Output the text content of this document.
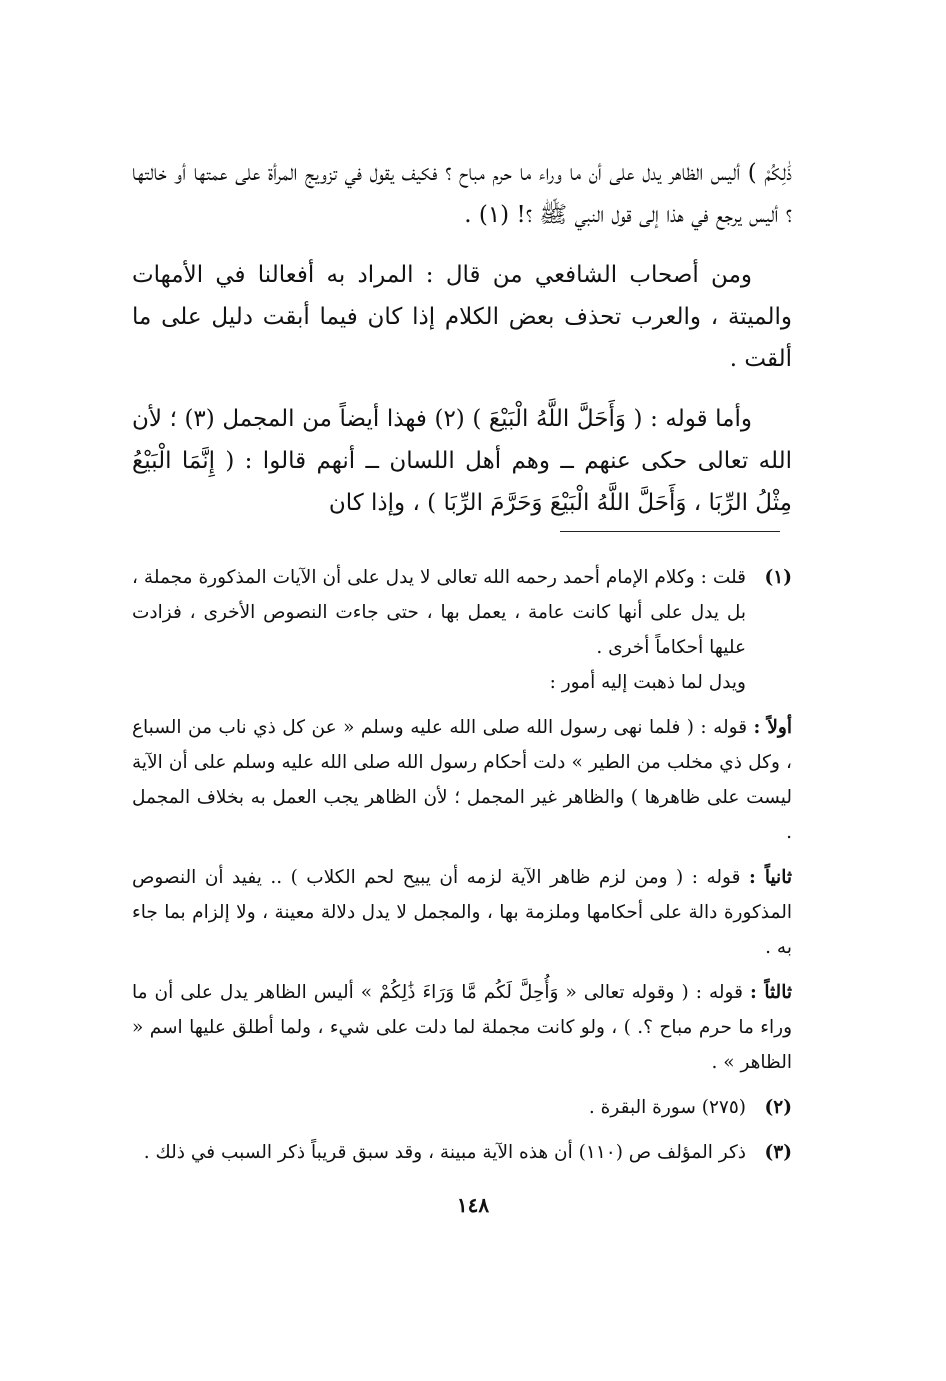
ذَٰلِكُمْ ) أليس الظاهر يدل على أن ما وراء ما حرم مباح ؟ فكيف يقول في تزويج المرأة على عمتها أو خالتها ؟ أليس يرجع في هذا إلى قول النبي ﷺ ؟! (١) .

ومن أصحاب الشافعي من قال : المراد به أفعالنا في الأمهات والميتة ، والعرب تحذف بعض الكلام إذا كان فيما أبقت دليل على ما ألقت .

وأما قوله : ( وَأَحَلَّ اللَّهُ الْبَيْعَ ) (٢) فهذا أيضاً من المجمل (٣) ؛ لأن الله تعالى حكى عنهم ــ وهم أهل اللسان ــ أنهم قالوا : ( إِنَّمَا الْبَيْعُ مِثْلُ الرِّبَا ، وَأَحَلَّ اللَّهُ الْبَيْعَ وَحَرَّمَ الرِّبَا ) ، وإذا كان

(١)

قلت : وكلام الإمام أحمد رحمه الله تعالى لا يدل على أن الآيات المذكورة مجملة ، بل يدل على أنها كانت عامة ، يعمل بها ، حتى جاءت النصوص الأخرى ، فزادت عليها أحكاماً أخرى .

ويدل لما ذهبت إليه أمور :

أولاً : قوله : ( فلما نهى رسول الله صلى الله عليه وسلم « عن كل ذي ناب من السباع ، وكل ذي مخلب من الطير » دلت أحكام رسول الله صلى الله عليه وسلم على أن الآية ليست على ظاهرها ) والظاهر غير المجمل ؛ لأن الظاهر يجب العمل به بخلاف المجمل .
ثانياً : قوله : ( ومن لزم ظاهر الآية لزمه أن يبيح لحم الكلاب ) .. يفيد أن النصوص المذكورة دالة على أحكامها وملزمة بها ، والمجمل لا يدل دلالة معينة ، ولا إلزام بما جاء به .
ثالثاً : قوله : ( وقوله تعالى « وَأُحِلَّ لَكُم مَّا وَرَاءَ ذَٰلِكُمْ » أليس الظاهر يدل على أن ما وراء ما حرم مباح ؟. ) ، ولو كانت مجملة لما دلت على شيء ، ولما أطلق عليها اسم « الظاهر » .
(٢)

(٢٧٥) سورة البقرة .

(٣)

ذكر المؤلف ص (١١٠) أن هذه الآية مبينة ، وقد سبق قريباً ذكر السبب في ذلك .

١٤٨
